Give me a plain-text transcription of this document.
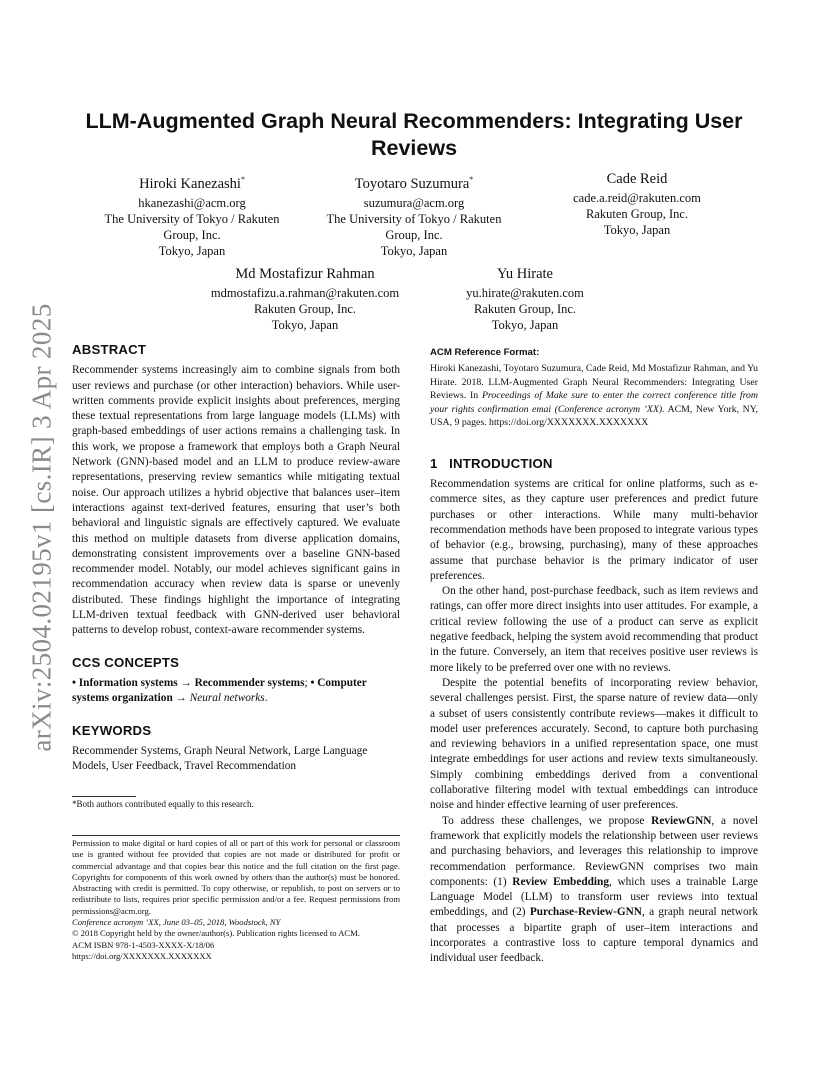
arXiv:2504.02195v1 [cs.IR] 3 Apr 2025
LLM-Augmented Graph Neural Recommenders: Integrating User Reviews
Hiroki Kanezashi*
hkanezashi@acm.org
The University of Tokyo / Rakuten
Group, Inc.
Tokyo, Japan
Toyotaro Suzumura*
suzumura@acm.org
The University of Tokyo / Rakuten
Group, Inc.
Tokyo, Japan
Cade Reid
cade.a.reid@rakuten.com
Rakuten Group, Inc.
Tokyo, Japan
Md Mostafizur Rahman
mdmostafizu.a.rahman@rakuten.com
Rakuten Group, Inc.
Tokyo, Japan
Yu Hirate
yu.hirate@rakuten.com
Rakuten Group, Inc.
Tokyo, Japan
ABSTRACT

Recommender systems increasingly aim to combine signals from both user reviews and purchase (or other interaction) behaviors. While user-written comments provide explicit insights about preferences, merging these textual representations from large language models (LLMs) with graph-based embeddings of user actions remains a challenging task. In this work, we propose a framework that employs both a Graph Neural Network (GNN)-based model and an LLM to produce review-aware representations, preserving review semantics while mitigating textual noise. Our approach utilizes a hybrid objective that balances user–item interactions against text-derived features, ensuring that user’s both behavioral and linguistic signals are effectively captured. We evaluate this method on multiple datasets from diverse application domains, demonstrating consistent improvements over a baseline GNN-based recommender model. Notably, our model achieves significant gains in recommendation accuracy when review data is sparse or unevenly distributed. These findings highlight the importance of integrating LLM-driven textual feedback with GNN-derived user behavioral patterns to develop robust, context-aware recommender systems.

CCS CONCEPTS

• Information systems → Recommender systems; • Computer systems organization → Neural networks.

KEYWORDS

Recommender Systems, Graph Neural Network, Large Language Models, User Feedback, Travel Recommendation

*Both authors contributed equally to this research.
Permission to make digital or hard copies of all or part of this work for personal or classroom use is granted without fee provided that copies are not made or distributed for profit or commercial advantage and that copies bear this notice and the full citation on the first page. Copyrights for components of this work owned by others than the author(s) must be honored. Abstracting with credit is permitted. To copy otherwise, or republish, to post on servers or to redistribute to lists, requires prior specific permission and/or a fee. Request permissions from permissions@acm.org.
Conference acronym ’XX, June 03–05, 2018, Woodstock, NY
© 2018 Copyright held by the owner/author(s). Publication rights licensed to ACM.
ACM ISBN 978-1-4503-XXXX-X/18/06
https://doi.org/XXXXXXX.XXXXXXX
ACM Reference Format:

Hiroki Kanezashi, Toyotaro Suzumura, Cade Reid, Md Mostafizur Rahman, and Yu Hirate. 2018. LLM-Augmented Graph Neural Recommenders: Integrating User Reviews. In Proceedings of Make sure to enter the correct conference title from your rights confirmation emai (Conference acronym ’XX). ACM, New York, NY, USA, 9 pages. https://doi.org/XXXXXXX.XXXXXXX

1   INTRODUCTION

Recommendation systems are critical for online platforms, such as e-commerce sites, as they capture user preferences and predict future purchases or other interactions. While many multi-behavior recommendation methods have been proposed to integrate various types of behavior (e.g., browsing, purchasing), many of these approaches assume that purchase behavior is the primary indicator of user preferences.

On the other hand, post-purchase feedback, such as item reviews and ratings, can offer more direct insights into user attitudes. For example, a critical review following the use of a product can serve as explicit negative feedback, helping the system avoid recommending that product in the future. Conversely, an item that receives positive user reviews is more likely to be preferred over one with no reviews.

Despite the potential benefits of incorporating review behavior, several challenges persist. First, the sparse nature of review data—only a subset of users consistently contribute reviews—makes it difficult to model user preferences accurately. Second, to capture both purchasing and reviewing behaviors in a unified representation space, one must integrate embeddings for user actions and review texts simultaneously. Simply combining embeddings derived from a conventional collaborative filtering model with textual embeddings can introduce noise and hinder effective learning of user preferences.

To address these challenges, we propose ReviewGNN, a novel framework that explicitly models the relationship between user reviews and purchasing behaviors, and leverages this relationship to improve recommendation performance. ReviewGNN comprises two main components: (1) Review Embedding, which uses a trainable Large Language Model (LLM) to transform user reviews into textual embeddings, and (2) Purchase-Review-GNN, a graph neural network that processes a bipartite graph of user–item interactions and incorporates a contrastive loss to capture temporal dynamics and individual user feedback.
